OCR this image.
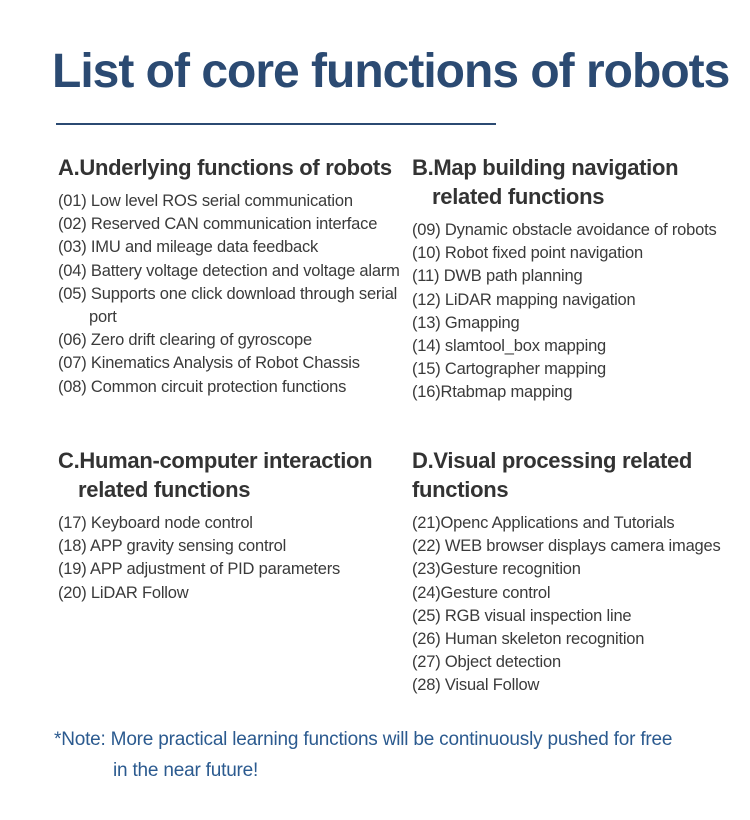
List of core functions of robots
A.Underlying functions of robots
(01) Low level ROS serial communication
(02) Reserved CAN communication interface
(03) IMU and mileage data feedback
(04) Battery voltage detection and voltage alarm
(05) Supports one click download through serial port
(06) Zero drift clearing of gyroscope
(07) Kinematics Analysis of Robot Chassis
(08) Common circuit protection functions
B.Map building navigation related functions
(09) Dynamic obstacle avoidance of robots
(10) Robot fixed point navigation
(11) DWB path planning
(12) LiDAR mapping navigation
(13) Gmapping
(14) slamtool_box mapping
(15) Cartographer mapping
(16)Rtabmap mapping
C.Human-computer interaction related functions
(17) Keyboard node control
(18) APP gravity sensing control
(19) APP adjustment of PID parameters
(20) LiDAR Follow
D.Visual processing related functions
(21)Openc Applications and Tutorials
(22) WEB browser displays camera images
(23)Gesture recognition
(24)Gesture control
(25) RGB visual inspection line
(26) Human skeleton recognition
(27) Object detection
(28) Visual Follow
*Note: More practical learning functions will be continuously pushed for free
in the near future!
